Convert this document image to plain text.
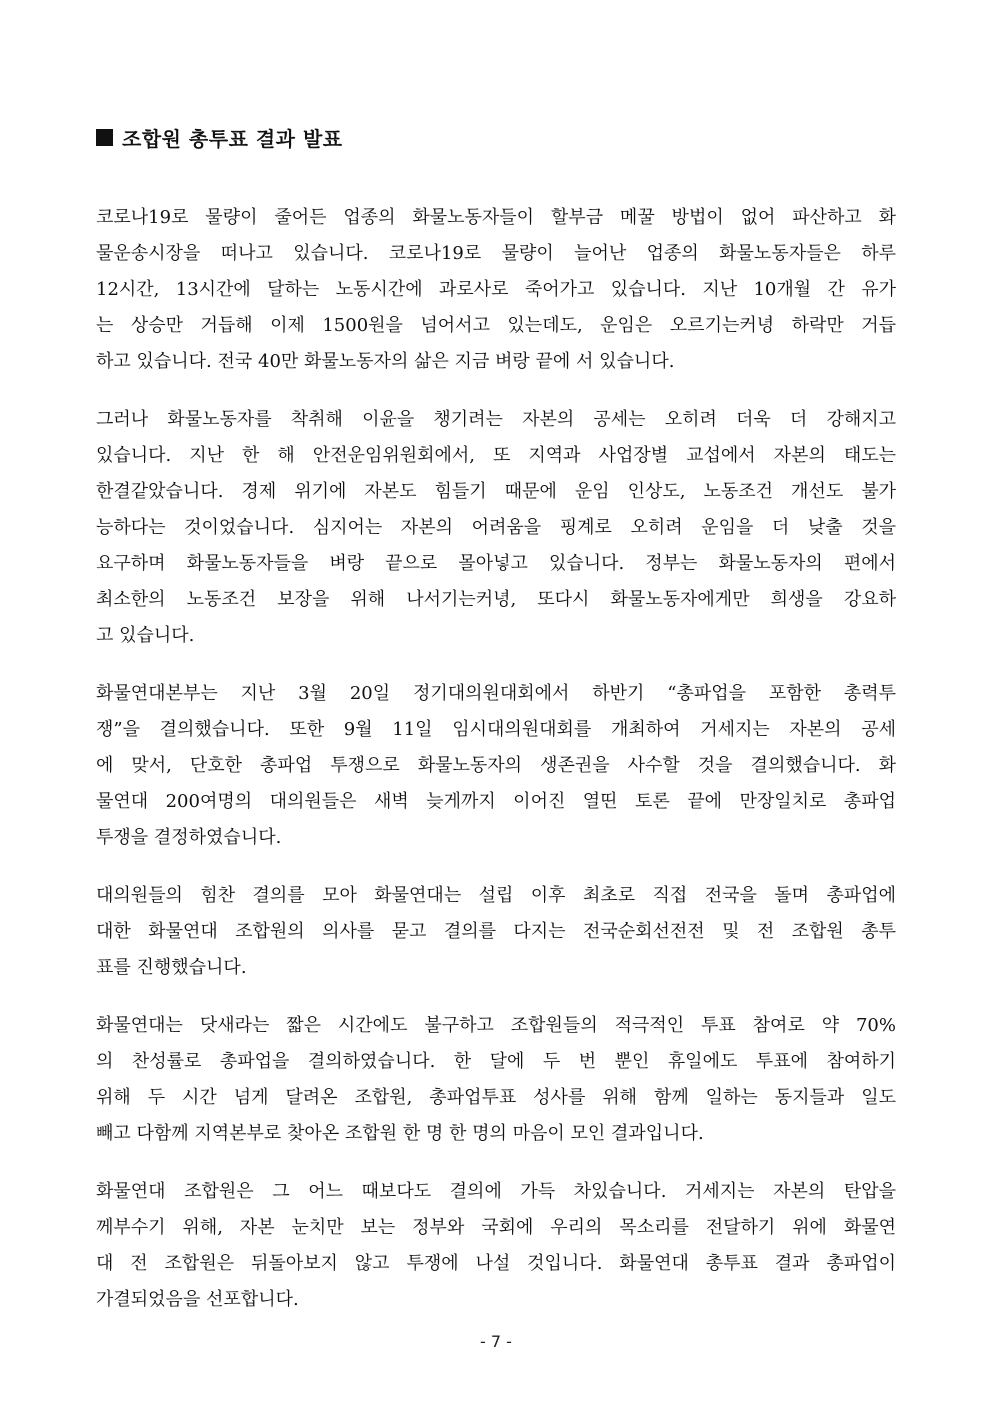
조합원 총투표 결과 발표
코로나19로 물량이 줄어든 업종의 화물노동자들이 할부금 메꿀 방법이 없어 파산하고 화
물운송시장을 떠나고 있습니다. 코로나19로 물량이 늘어난 업종의 화물노동자들은 하루
12시간, 13시간에 달하는 노동시간에 과로사로 죽어가고 있습니다. 지난 10개월 간 유가
는 상승만 거듭해 이제 1500원을 넘어서고 있는데도, 운임은 오르기는커녕 하락만 거듭
하고 있습니다. 전국 40만 화물노동자의 삶은 지금 벼랑 끝에 서 있습니다.
그러나 화물노동자를 착취해 이윤을 챙기려는 자본의 공세는 오히려 더욱 더 강해지고
있습니다. 지난 한 해 안전운임위원회에서, 또 지역과 사업장별 교섭에서 자본의 태도는
한결같았습니다. 경제 위기에 자본도 힘들기 때문에 운임 인상도, 노동조건 개선도 불가
능하다는 것이었습니다. 심지어는 자본의 어려움을 핑계로 오히려 운임을 더 낮출 것을
요구하며 화물노동자들을 벼랑 끝으로 몰아넣고 있습니다. 정부는 화물노동자의 편에서
최소한의 노동조건 보장을 위해 나서기는커녕, 또다시 화물노동자에게만 희생을 강요하
고 있습니다.
화물연대본부는 지난 3월 20일 정기대의원대회에서 하반기 “총파업을 포함한 총력투
쟁”을 결의했습니다. 또한 9월 11일 임시대의원대회를 개최하여 거세지는 자본의 공세
에 맞서, 단호한 총파업 투쟁으로 화물노동자의 생존권을 사수할 것을 결의했습니다. 화
물연대 200여명의 대의원들은 새벽 늦게까지 이어진 열띤 토론 끝에 만장일치로 총파업
투쟁을 결정하였습니다.
대의원들의 힘찬 결의를 모아 화물연대는 설립 이후 최초로 직접 전국을 돌며 총파업에
대한 화물연대 조합원의 의사를 묻고 결의를 다지는 전국순회선전전 및 전 조합원 총투
표를 진행했습니다.
화물연대는 닷새라는 짧은 시간에도 불구하고 조합원들의 적극적인 투표 참여로 약 70%
의 찬성률로 총파업을 결의하였습니다. 한 달에 두 번 뿐인 휴일에도 투표에 참여하기
위해 두 시간 넘게 달려온 조합원, 총파업투표 성사를 위해 함께 일하는 동지들과 일도
빼고 다함께 지역본부로 찾아온 조합원 한 명 한 명의 마음이 모인 결과입니다.
화물연대 조합원은 그 어느 때보다도 결의에 가득 차있습니다. 거세지는 자본의 탄압을
께부수기 위해, 자본 눈치만 보는 정부와 국회에 우리의 목소리를 전달하기 위에 화물연
대 전 조합원은 뒤돌아보지 않고 투쟁에 나설 것입니다. 화물연대 총투표 결과 총파업이
가결되었음을 선포합니다.
- 7 -
